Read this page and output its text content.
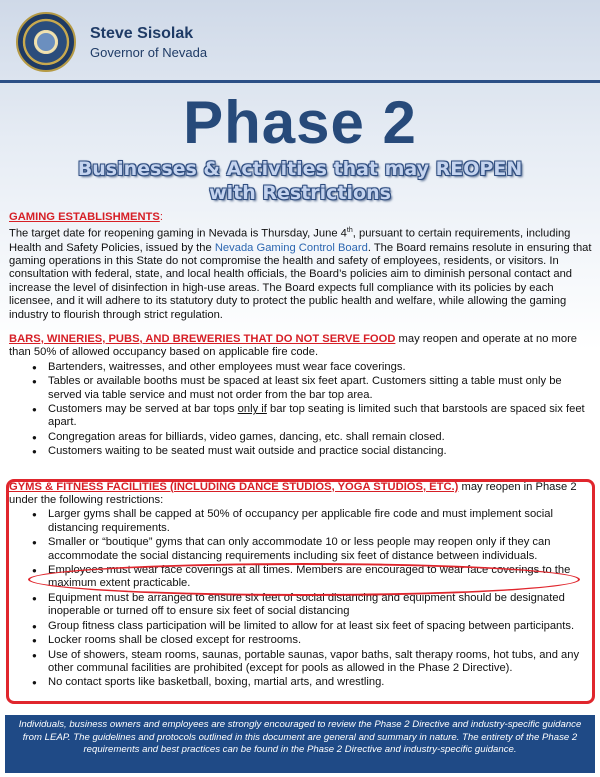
Steve Sisolak
Governor of Nevada
Phase 2
Businesses & Activities that may REOPEN
with Restrictions
GAMING ESTABLISHMENTS:
The target date for reopening gaming in Nevada is Thursday, June 4th, pursuant to certain requirements, including Health and Safety Policies, issued by the Nevada Gaming Control Board. The Board remains resolute in ensuring that gaming operations in this State do not compromise the health and safety of employees, residents, or visitors. In consultation with federal, state, and local health officials, the Board’s policies aim to diminish personal contact and increase the level of disinfection in high-use areas. The Board expects full compliance with its policies by each licensee, and it will adhere to its statutory duty to protect the public health and welfare, while allowing the gaming industry to flourish through strict regulation.
BARS, WINERIES, PUBS, AND BREWERIES THAT DO NOT SERVE FOOD may reopen and operate at no more than 50% of allowed occupancy based on applicable fire code.
● Bartenders, waitresses, and other employees must wear face coverings.
● Tables or available booths must be spaced at least six feet apart. Customers sitting a table must only be served via table service and must not order from the bar top area.
● Customers may be served at bar tops only if bar top seating is limited such that barstools are spaced six feet apart.
● Congregation areas for billiards, video games, dancing, etc. shall remain closed.
● Customers waiting to be seated must wait outside and practice social distancing.
GYMS & FITNESS FACILITIES (INCLUDING DANCE STUDIOS, YOGA STUDIOS, ETC.) may reopen in Phase 2 under the following restrictions:
● Larger gyms shall be capped at 50% of occupancy per applicable fire code and must implement social distancing requirements.
● Smaller or “boutique” gyms that can only accommodate 10 or less people may reopen only if they can accommodate the social distancing requirements including six feet of distance between individuals.
● Employees must wear face coverings at all times. Members are encouraged to wear face coverings to the maximum extent practicable.
● Equipment must be arranged to ensure six feet of social distancing and equipment should be designated inoperable or turned off to ensure six feet of social distancing
● Group fitness class participation will be limited to allow for at least six feet of spacing between participants.
● Locker rooms shall be closed except for restrooms.
● Use of showers, steam rooms, saunas, portable saunas, vapor baths, salt therapy rooms, hot tubs, and any other communal facilities are prohibited (except for pools as allowed in the Phase 2 Directive).
● No contact sports like basketball, boxing, martial arts, and wrestling.
Individuals, business owners and employees are strongly encouraged to review the Phase 2 Directive and industry-specific guidance from LEAP. The guidelines and protocols outlined in this document are general and summary in nature. The entirety of the Phase 2 requirements and best practices can be found in the Phase 2 Directive and industry-specific guidance.
